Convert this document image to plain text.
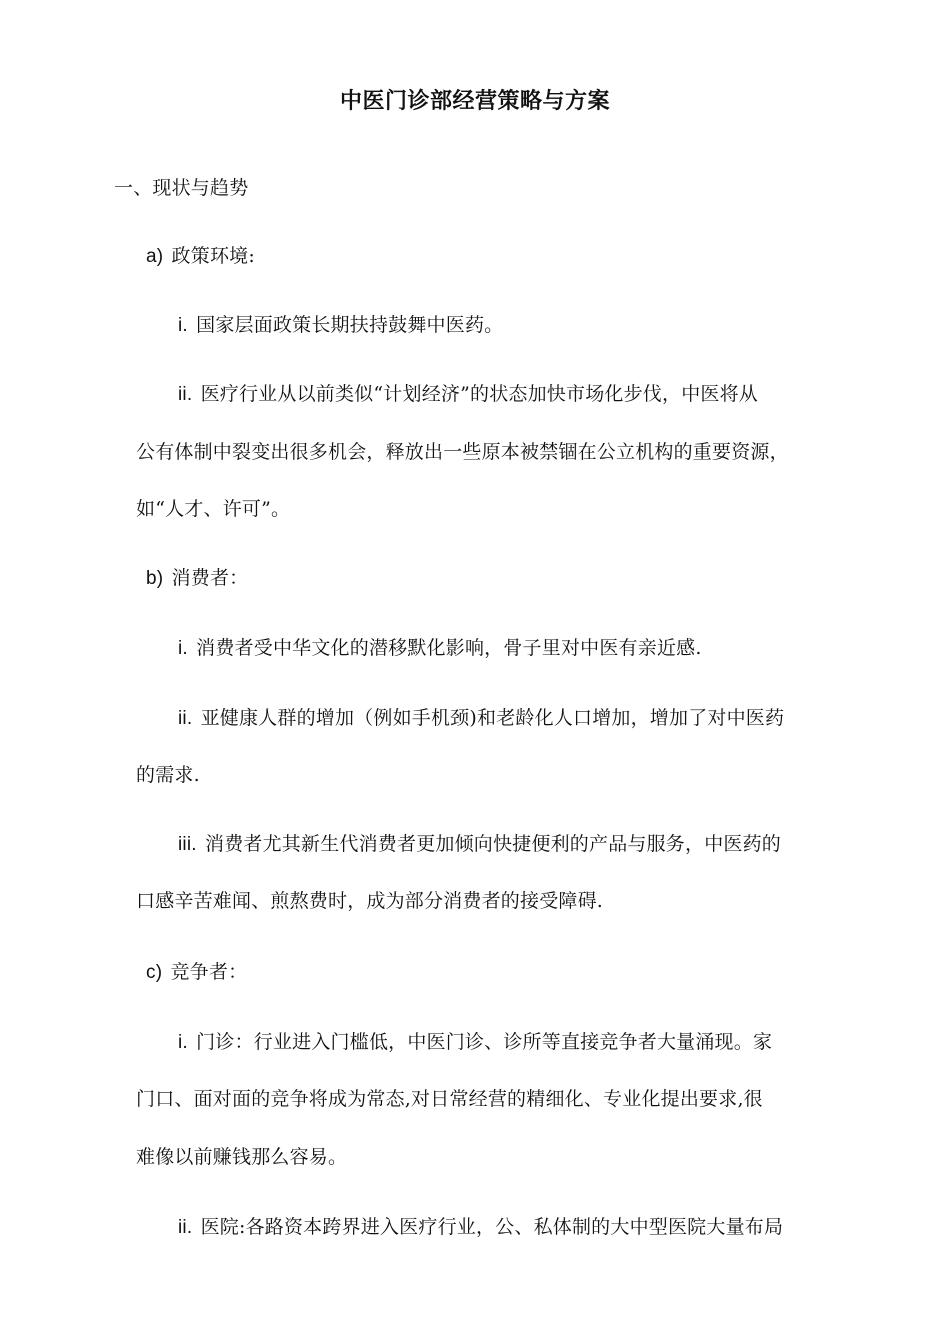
中医门诊部经营策略与方案
一、现状与趋势
a) 政策环境:
i. 国家层面政策长期扶持鼓舞中医药。
ii. 医疗行业从以前类似“计划经济”的状态加快市场化步伐，中医将从
公有体制中裂变出很多机会，释放出一些原本被禁锢在公立机构的重要资源，
如“人才、许可”。
b) 消费者：
i. 消费者受中华文化的潜移默化影响，骨子里对中医有亲近感.
ii. 亚健康人群的增加（例如手机颈)和老龄化人口增加，增加了对中医药
的需求.
iii. 消费者尤其新生代消费者更加倾向快捷便利的产品与服务，中医药的
口感辛苦难闻、煎熬费时，成为部分消费者的接受障碍.
c) 竞争者：
i. 门诊：行业进入门槛低，中医门诊、诊所等直接竞争者大量涌现。家
门口、面对面的竞争将成为常态,对日常经营的精细化、专业化提出要求,很
难像以前赚钱那么容易。
ii. 医院:各路资本跨界进入医疗行业，公、私体制的大中型医院大量布局
